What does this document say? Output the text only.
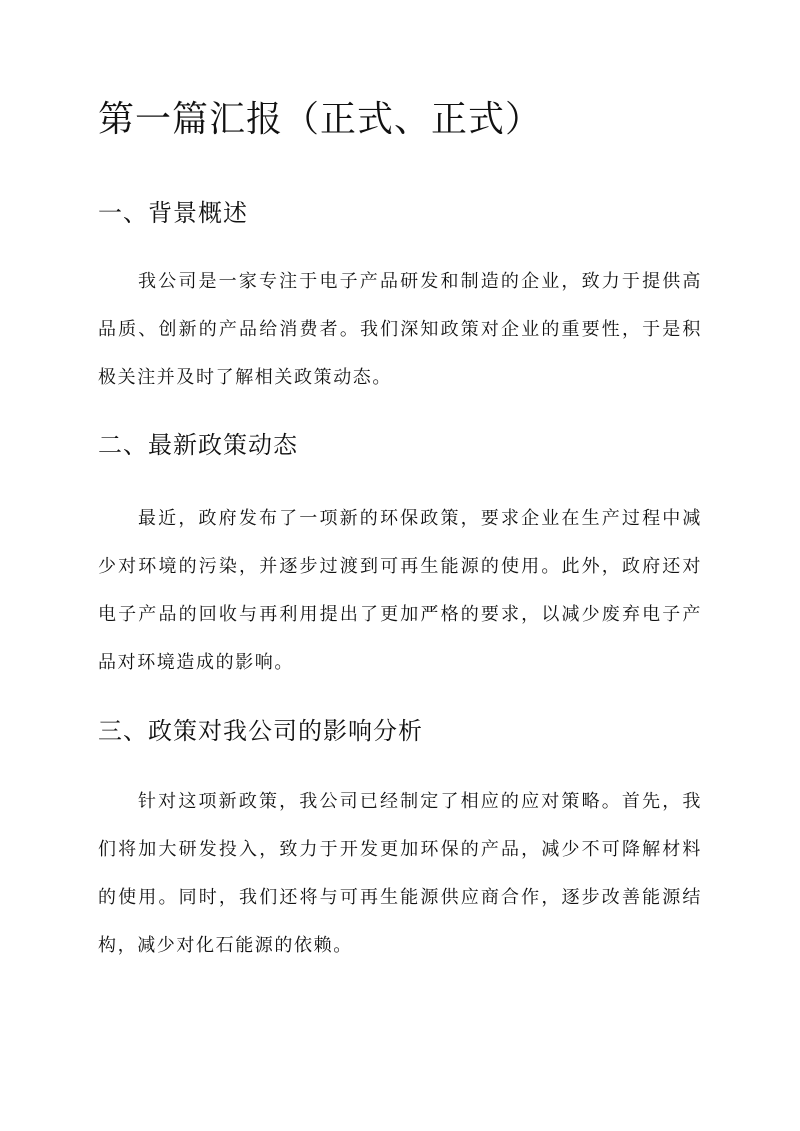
第一篇汇报（正式、正式）
一、背景概述

我公司是一家专注于电子产品研发和制造的企业，致力于提供高品质、创新的产品给消费者。我们深知政策对企业的重要性，于是积极关注并及时了解相关政策动态。

二、最新政策动态

最近，政府发布了一项新的环保政策，要求企业在生产过程中减少对环境的污染，并逐步过渡到可再生能源的使用。此外，政府还对电子产品的回收与再利用提出了更加严格的要求，以减少废弃电子产品对环境造成的影响。

三、政策对我公司的影响分析

针对这项新政策，我公司已经制定了相应的应对策略。首先，我们将加大研发投入，致力于开发更加环保的产品，减少不可降解材料的使用。同时，我们还将与可再生能源供应商合作，逐步改善能源结构，减少对化石能源的依赖。
